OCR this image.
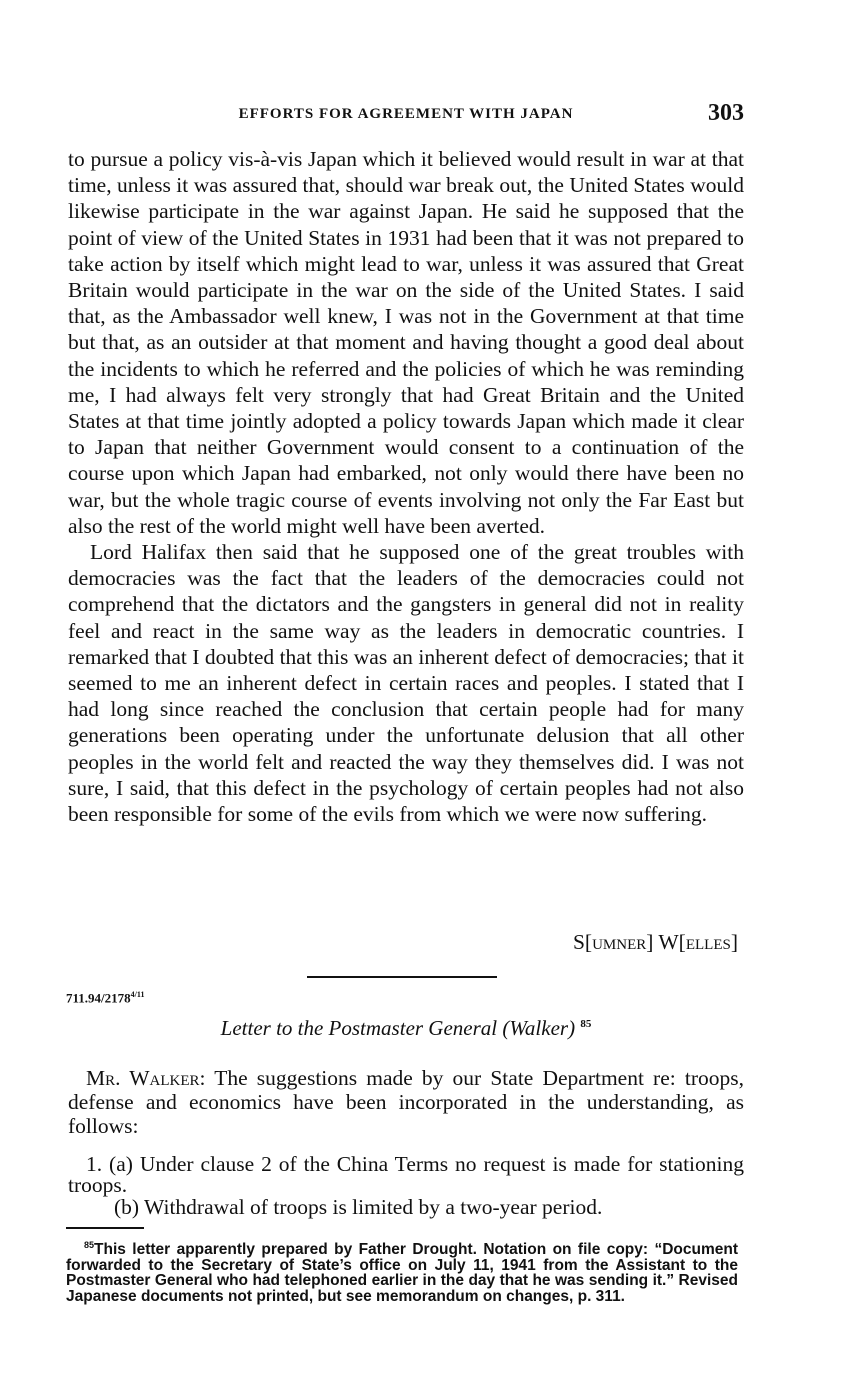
EFFORTS FOR AGREEMENT WITH JAPAN	303

to pursue a policy vis-à-vis Japan which it believed would result in war at that time, unless it was assured that, should war break out, the United States would likewise participate in the war against Japan. He said he supposed that the point of view of the United States in 1931 had been that it was not prepared to take action by itself which might lead to war, unless it was assured that Great Britain would participate in the war on the side of the United States. I said that, as the Ambassador well knew, I was not in the Government at that time but that, as an outsider at that moment and having thought a good deal about the incidents to which he referred and the policies of which he was reminding me, I had always felt very strongly that had Great Britain and the United States at that time jointly adopted a policy towards Japan which made it clear to Japan that neither Government would consent to a continuation of the course upon which Japan had embarked, not only would there have been no war, but the whole tragic course of events involving not only the Far East but also the rest of the world might well have been averted.

Lord Halifax then said that he supposed one of the great troubles with democracies was the fact that the leaders of the democracies could not comprehend that the dictators and the gangsters in general did not in reality feel and react in the same way as the leaders in democratic countries. I remarked that I doubted that this was an inherent defect of democracies; that it seemed to me an inherent defect in certain races and peoples. I stated that I had long since reached the conclusion that certain people had for many generations been operating under the unfortunate delusion that all other peoples in the world felt and reacted the way they themselves did. I was not sure, I said, that this defect in the psychology of certain peoples had not also been responsible for some of the evils from which we were now suffering.

S[umner] W[elles]
$711.94/2178^{4/11}$
Letter to the Postmaster General (Walker) $^{85}$

Mr. Walker: The suggestions made by our State Department re: troops, defense and economics have been incorporated in the understanding, as follows:

1. (a) Under clause 2 of the China Terms no request is made for stationing troops.

(b) Withdrawal of troops is limited by a two-year period.

$^{85}$This letter apparently prepared by Father Drought. Notation on file copy: “Document forwarded to the Secretary of State’s office on July 11, 1941 from the Assistant to the Postmaster General who had telephoned earlier in the day that he was sending it.” Revised Japanese documents not printed, but see memorandum on changes, p. 311.
